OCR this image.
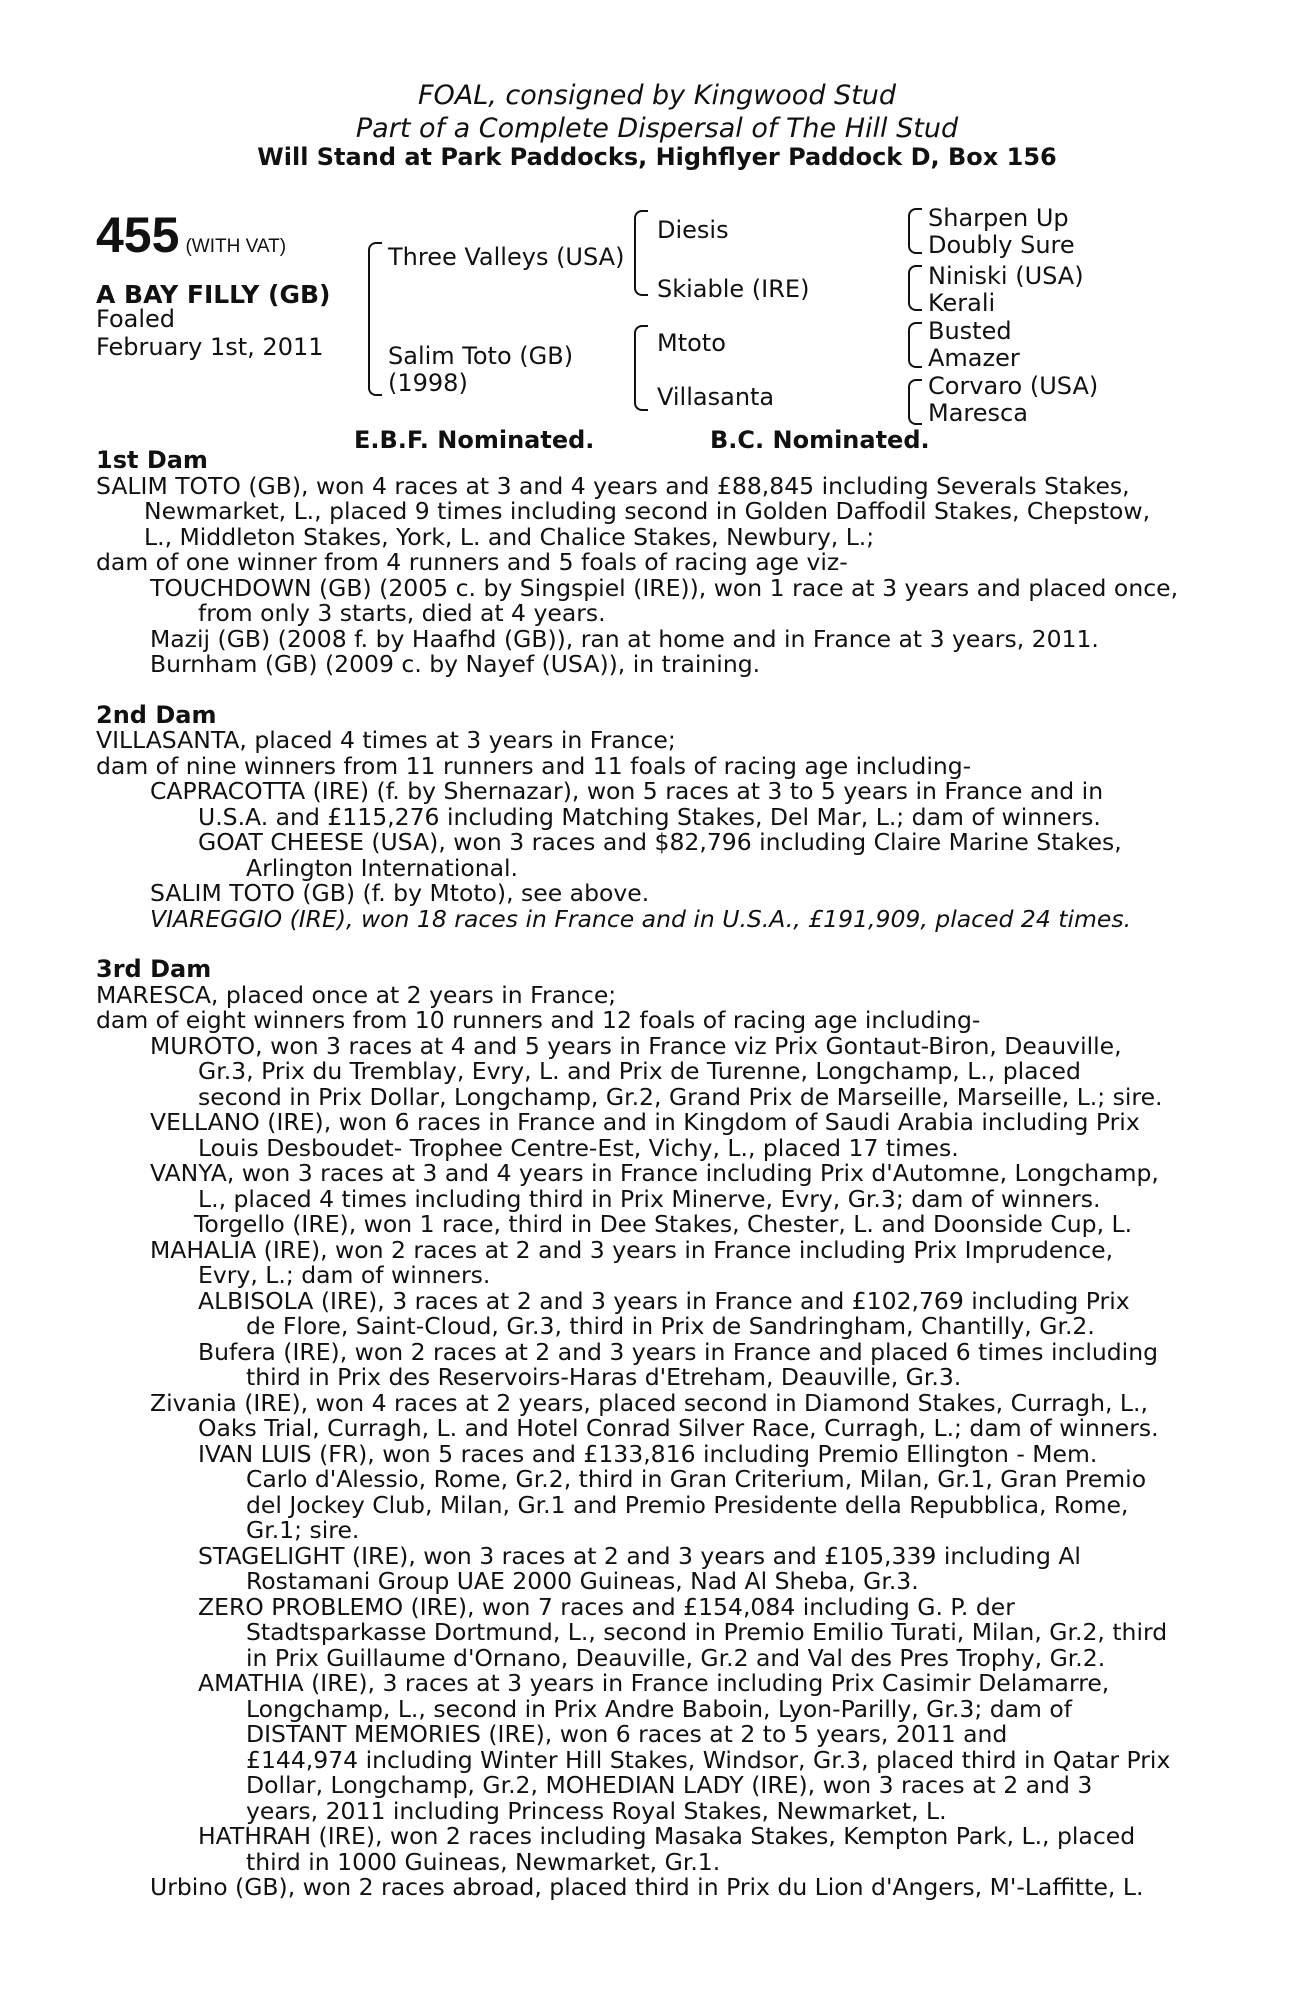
FOAL, consigned by Kingwood Stud
Part of a Complete Dispersal of The Hill Stud
Will Stand at Park Paddocks, Highflyer Paddock D, Box 156
455 (WITH VAT)
A BAY FILLY (GB)
Foaled
February 1st, 2011
Three Valleys (USA)
Salim Toto (GB)
(1998)
Diesis
Skiable (IRE)
Mtoto
Villasanta
Sharpen Up
Doubly Sure
Niniski (USA)
Kerali
Busted
Amazer
Corvaro (USA)
Maresca
E.B.F. Nominated.	B.C. Nominated.

1st Dam

SALIM TOTO (GB), won 4 races at 3 and 4 years and £88,845 including Severals Stakes,

Newmarket, L., placed 9 times including second in Golden Daffodil Stakes, Chepstow,

L., Middleton Stakes, York, L. and Chalice Stakes, Newbury, L.;

dam of one winner from 4 runners and 5 foals of racing age viz-

TOUCHDOWN (GB) (2005 c. by Singspiel (IRE)), won 1 race at 3 years and placed once,

from only 3 starts, died at 4 years.

Mazij (GB) (2008 f. by Haafhd (GB)), ran at home and in France at 3 years, 2011.

Burnham (GB) (2009 c. by Nayef (USA)), in training.

2nd Dam

VILLASANTA, placed 4 times at 3 years in France;

dam of nine winners from 11 runners and 11 foals of racing age including-

CAPRACOTTA (IRE) (f. by Shernazar), won 5 races at 3 to 5 years in France and in

U.S.A. and £115,276 including Matching Stakes, Del Mar, L.; dam of winners.

GOAT CHEESE (USA), won 3 races and $82,796 including Claire Marine Stakes,

Arlington International.

SALIM TOTO (GB) (f. by Mtoto), see above.

VIAREGGIO (IRE), won 18 races in France and in U.S.A., £191,909, placed 24 times.

3rd Dam

MARESCA, placed once at 2 years in France;

dam of eight winners from 10 runners and 12 foals of racing age including-

MUROTO, won 3 races at 4 and 5 years in France viz Prix Gontaut-Biron, Deauville,

Gr.3, Prix du Tremblay, Evry, L. and Prix de Turenne, Longchamp, L., placed

second in Prix Dollar, Longchamp, Gr.2, Grand Prix de Marseille, Marseille, L.; sire.

VELLANO (IRE), won 6 races in France and in Kingdom of Saudi Arabia including Prix

Louis Desboudet- Trophee Centre-Est, Vichy, L., placed 17 times.

VANYA, won 3 races at 3 and 4 years in France including Prix d'Automne, Longchamp,

L., placed 4 times including third in Prix Minerve, Evry, Gr.3; dam of winners.

Torgello (IRE), won 1 race, third in Dee Stakes, Chester, L. and Doonside Cup, L.

MAHALIA (IRE), won 2 races at 2 and 3 years in France including Prix Imprudence,

Evry, L.; dam of winners.

ALBISOLA (IRE), 3 races at 2 and 3 years in France and £102,769 including Prix

de Flore, Saint-Cloud, Gr.3, third in Prix de Sandringham, Chantilly, Gr.2.

Bufera (IRE), won 2 races at 2 and 3 years in France and placed 6 times including

third in Prix des Reservoirs-Haras d'Etreham, Deauville, Gr.3.

Zivania (IRE), won 4 races at 2 years, placed second in Diamond Stakes, Curragh, L.,

Oaks Trial, Curragh, L. and Hotel Conrad Silver Race, Curragh, L.; dam of winners.

IVAN LUIS (FR), won 5 races and £133,816 including Premio Ellington - Mem.

Carlo d'Alessio, Rome, Gr.2, third in Gran Criterium, Milan, Gr.1, Gran Premio

del Jockey Club, Milan, Gr.1 and Premio Presidente della Repubblica, Rome,

Gr.1; sire.

STAGELIGHT (IRE), won 3 races at 2 and 3 years and £105,339 including Al

Rostamani Group UAE 2000 Guineas, Nad Al Sheba, Gr.3.

ZERO PROBLEMO (IRE), won 7 races and £154,084 including G. P. der

Stadtsparkasse Dortmund, L., second in Premio Emilio Turati, Milan, Gr.2, third

in Prix Guillaume d'Ornano, Deauville, Gr.2 and Val des Pres Trophy, Gr.2.

AMATHIA (IRE), 3 races at 3 years in France including Prix Casimir Delamarre,

Longchamp, L., second in Prix Andre Baboin, Lyon-Parilly, Gr.3; dam of

DISTANT MEMORIES (IRE), won 6 races at 2 to 5 years, 2011 and

£144,974 including Winter Hill Stakes, Windsor, Gr.3, placed third in Qatar Prix

Dollar, Longchamp, Gr.2, MOHEDIAN LADY (IRE), won 3 races at 2 and 3

years, 2011 including Princess Royal Stakes, Newmarket, L.

HATHRAH (IRE), won 2 races including Masaka Stakes, Kempton Park, L., placed

third in 1000 Guineas, Newmarket, Gr.1.

Urbino (GB), won 2 races abroad, placed third in Prix du Lion d'Angers, M'-Laffitte, L.
